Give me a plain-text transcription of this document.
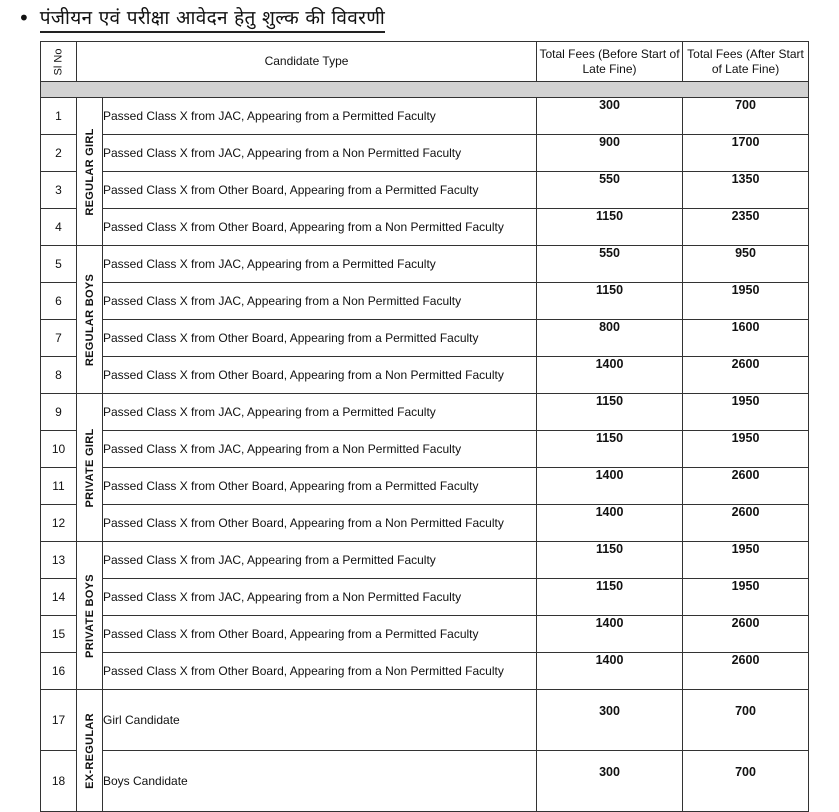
• पंजीयन एवं परीक्षा आवेदन हेतु शुल्क की विवरणी
Sl No	Candidate Type		Total Fees (Before Start of Late Fine)	Total Fees (After Start of Late Fine)

1	REGULAR GIRL	Passed Class X from JAC, Appearing from a Permitted Faculty	300	700
2		Passed Class X from JAC, Appearing from a Non Permitted Faculty	900	1700
3		Passed Class X from Other Board, Appearing from a Permitted Faculty	550	1350
4		Passed Class X from Other Board, Appearing from a Non Permitted Faculty	1150	2350
5	REGULAR BOYS	Passed Class X from JAC, Appearing from a Permitted Faculty	550	950
6		Passed Class X from JAC, Appearing from a Non Permitted Faculty	1150	1950
7		Passed Class X from Other Board, Appearing from a Permitted Faculty	800	1600
8		Passed Class X from Other Board, Appearing from a Non Permitted Faculty	1400	2600
9	PRIVATE GIRL	Passed Class X from JAC, Appearing from a Permitted Faculty	1150	1950
10		Passed Class X from JAC, Appearing from a Non Permitted Faculty	1150	1950
11		Passed Class X from Other Board, Appearing from a Permitted Faculty	1400	2600
12		Passed Class X from Other Board, Appearing from a Non Permitted Faculty	1400	2600
13	PRIVATE BOYS	Passed Class X from JAC, Appearing from a Permitted Faculty	1150	1950
14		Passed Class X from JAC, Appearing from a Non Permitted Faculty	1150	1950
15		Passed Class X from Other Board, Appearing from a Permitted Faculty	1400	2600
16		Passed Class X from Other Board, Appearing from a Non Permitted Faculty	1400	2600
17	EX-REGULAR	Girl Candidate	300	700
18		Boys Candidate	300	700
